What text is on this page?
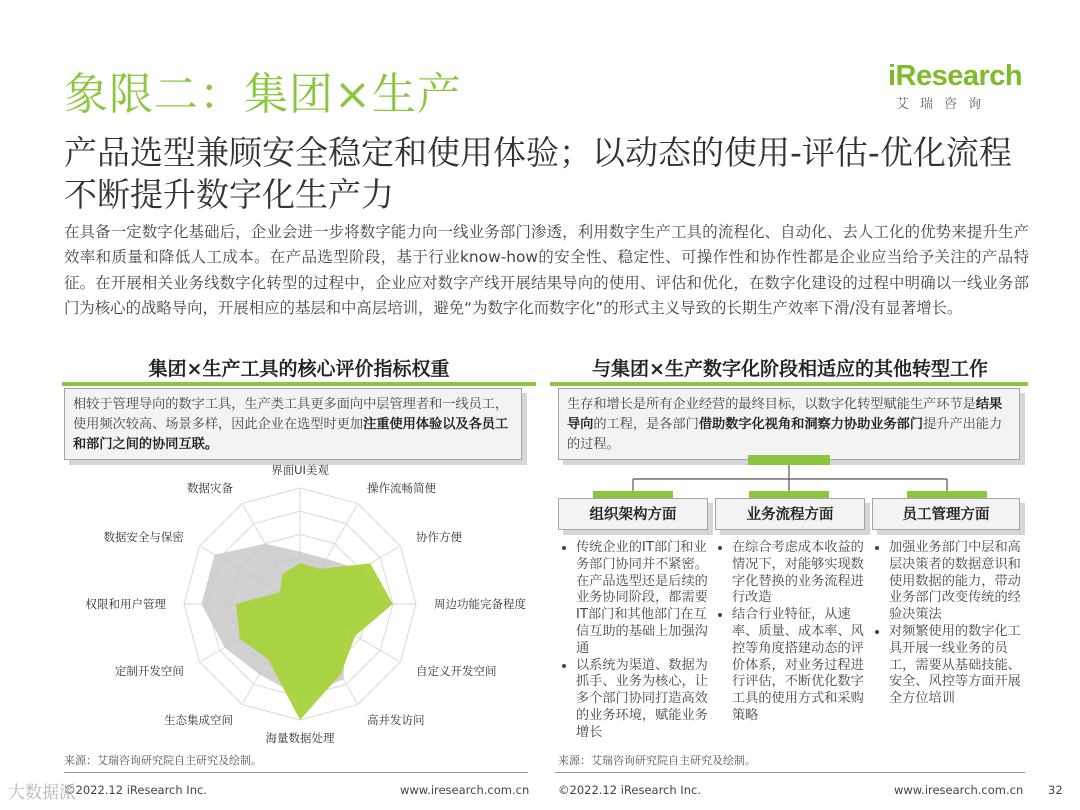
象限二：集团×生产	iResearch
艾瑞咨询
产品选型兼顾安全稳定和使用体验；以动态的使用-评估-优化流程不断提升数字化生产力
在具备一定数字化基础后，企业会进一步将数字能力向一线业务部门渗透，利用数字生产工具的流程化、自动化、去人工化的优势来提升生产效率和质量和降低人工成本。在产品选型阶段，基于行业know-how的安全性、稳定性、可操作性和协作性都是企业应当给予关注的产品特征。在开展相关业务线数字化转型的过程中，企业应对数字产线开展结果导向的使用、评估和优化，在数字化建设的过程中明确以一线业务部门为核心的战略导向，开展相应的基层和中高层培训，避免“为数字化而数字化”的形式主义导致的长期生产效率下滑/没有显著增长。
集团×生产工具的核心评价指标权重
相较于管理导向的数字工具，生产类工具更多面向中层管理者和一线员工，使用频次较高、场景多样，因此企业在选型时更加注重使用体验以及各员工和部门之间的协同互联。
界面UI美观
操作流畅简便
协作方便
周边功能完备程度
自定义开发空间
高并发访问
海量数据处理
生态集成空间
定制开发空间
权限和用户管理
数据安全与保密
数据灾备
来源：艾瑞咨询研究院自主研究及绘制。
与集团×生产数字化阶段相适应的其他转型工作
生存和增长是所有企业经营的最终目标，以数字化转型赋能生产环节是结果导向的工程，是各部门借助数字化视角和洞察力协助业务部门提升产出能力的过程。
组织架构方面	业务流程方面	员工管理方面
• 传统企业的IT部门和业务部门协同并不紧密。在产品选型还是后续的业务协同阶段，都需要IT部门和其他部门在互信互助的基础上加强沟通
• 以系统为渠道、数据为抓手、业务为核心，让多个部门协同打造高效的业务环境，赋能业务增长
• 在综合考虑成本收益的情况下，对能够实现数字化替换的业务流程进行改造
• 结合行业特征，从速率、质量、成本率、风控等角度搭建动态的评价体系，对业务过程进行评估，不断优化数字工具的使用方式和采购策略
• 加强业务部门中层和高层决策者的数据意识和使用数据的能力，带动业务部门改变传统的经验决策法
• 对频繁使用的数字化工具开展一线业务的员工，需要从基础技能、安全、风控等方面开展全方位培训
来源：艾瑞咨询研究院自主研究及绘制。
©2022.12 iResearch Inc.	www.iresearch.com.cn	©2022.12 iResearch Inc.	www.iresearch.com.cn 32
大数据派
